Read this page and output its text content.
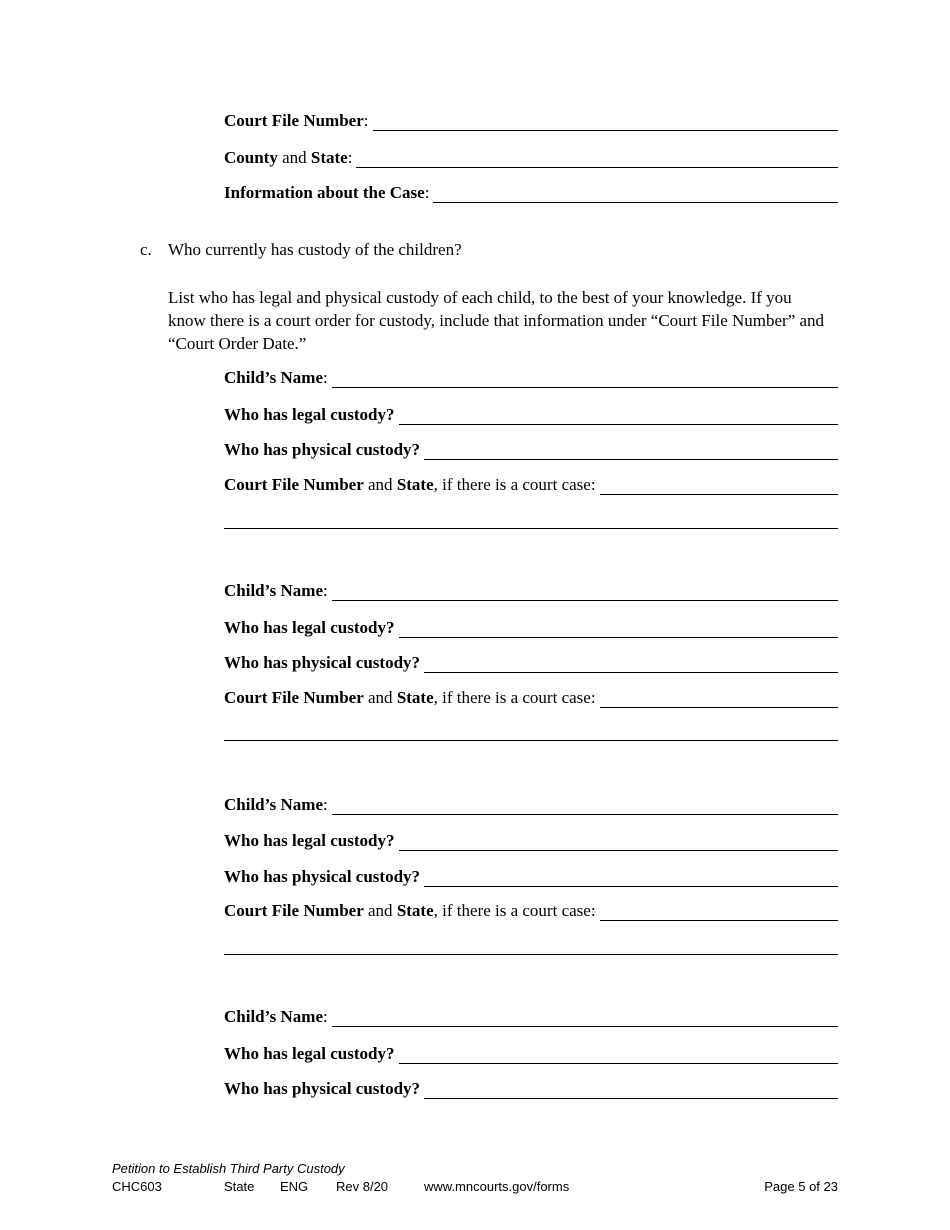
Court File Number :
County and State :
Information about the Case :
c. Who currently has custody of the children?
List who has legal and physical custody of each child, to the best of your knowledge. If you know there is a court order for custody, include that information under “Court File Number” and “Court Order Date.”
Child’s Name :
Who has legal custody?
Who has physical custody?
Court File Number and State , if there is a court case:
Child’s Name :
Who has legal custody?
Who has physical custody?
Court File Number and State , if there is a court case:
Child’s Name :
Who has legal custody?
Who has physical custody?
Court File Number and State , if there is a court case:
Child’s Name :
Who has legal custody?
Who has physical custody?
Petition to Establish Third Party Custody
CHC603	State ENG Rev 8/20	www.mncourts.gov/forms	Page 5 of 23
